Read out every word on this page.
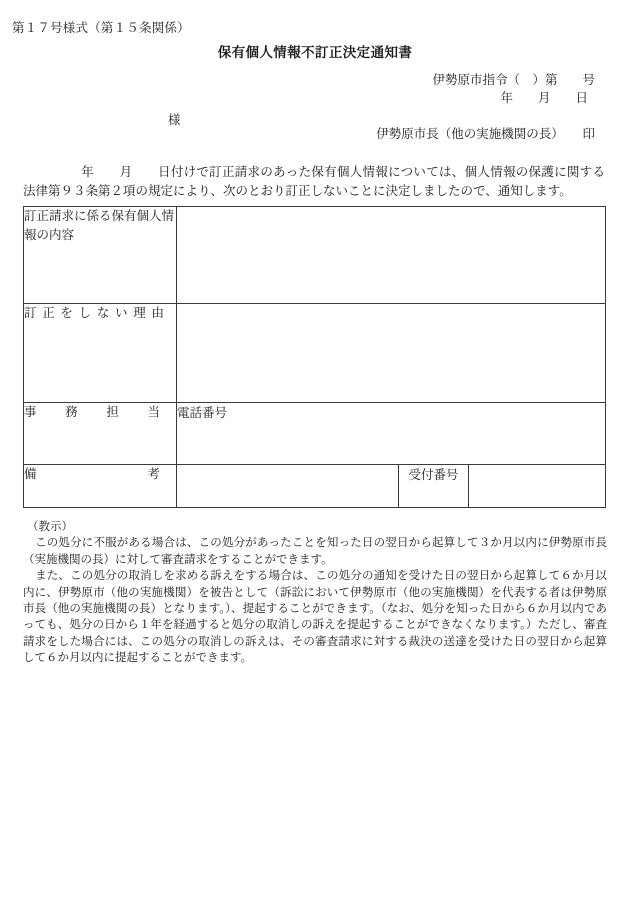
第１７号様式（第１５条関係）
保有個人情報不訂正決定通知書
伊勢原市指令（　）第　　号
年　　月　　日
様
伊勢原市長（他の実施機関の長）　　印
年　　月　　日付けで訂正請求のあった保有個人情報については、個人情報の保護に関する法律第９３条第２項の規定により、次のとおり訂正しないことに決定しましたので、通知します。
訂正請求に係る保有個人情報の内容			

訂正をしない理由			

事務担当	電話番号		

備考		受付番号	
（教示）

この処分に不服がある場合は、この処分があったことを知った日の翌日から起算して３か月以内に伊勢原市長（実施機関の長）に対して審査請求をすることができます。

また、この処分の取消しを求める訴えをする場合は、この処分の通知を受けた日の翌日から起算して６か月以内に、伊勢原市（他の実施機関）を被告として（訴訟において伊勢原市（他の実施機関）を代表する者は伊勢原市長（他の実施機関の長）となります。）、提起することができます。（なお、処分を知った日から６か月以内であっても、処分の日から１年を経過すると処分の取消しの訴えを提起することができなくなります。）ただし、審査請求をした場合には、この処分の取消しの訴えは、その審査請求に対する裁決の送達を受けた日の翌日から起算して６か月以内に提起することができます。
